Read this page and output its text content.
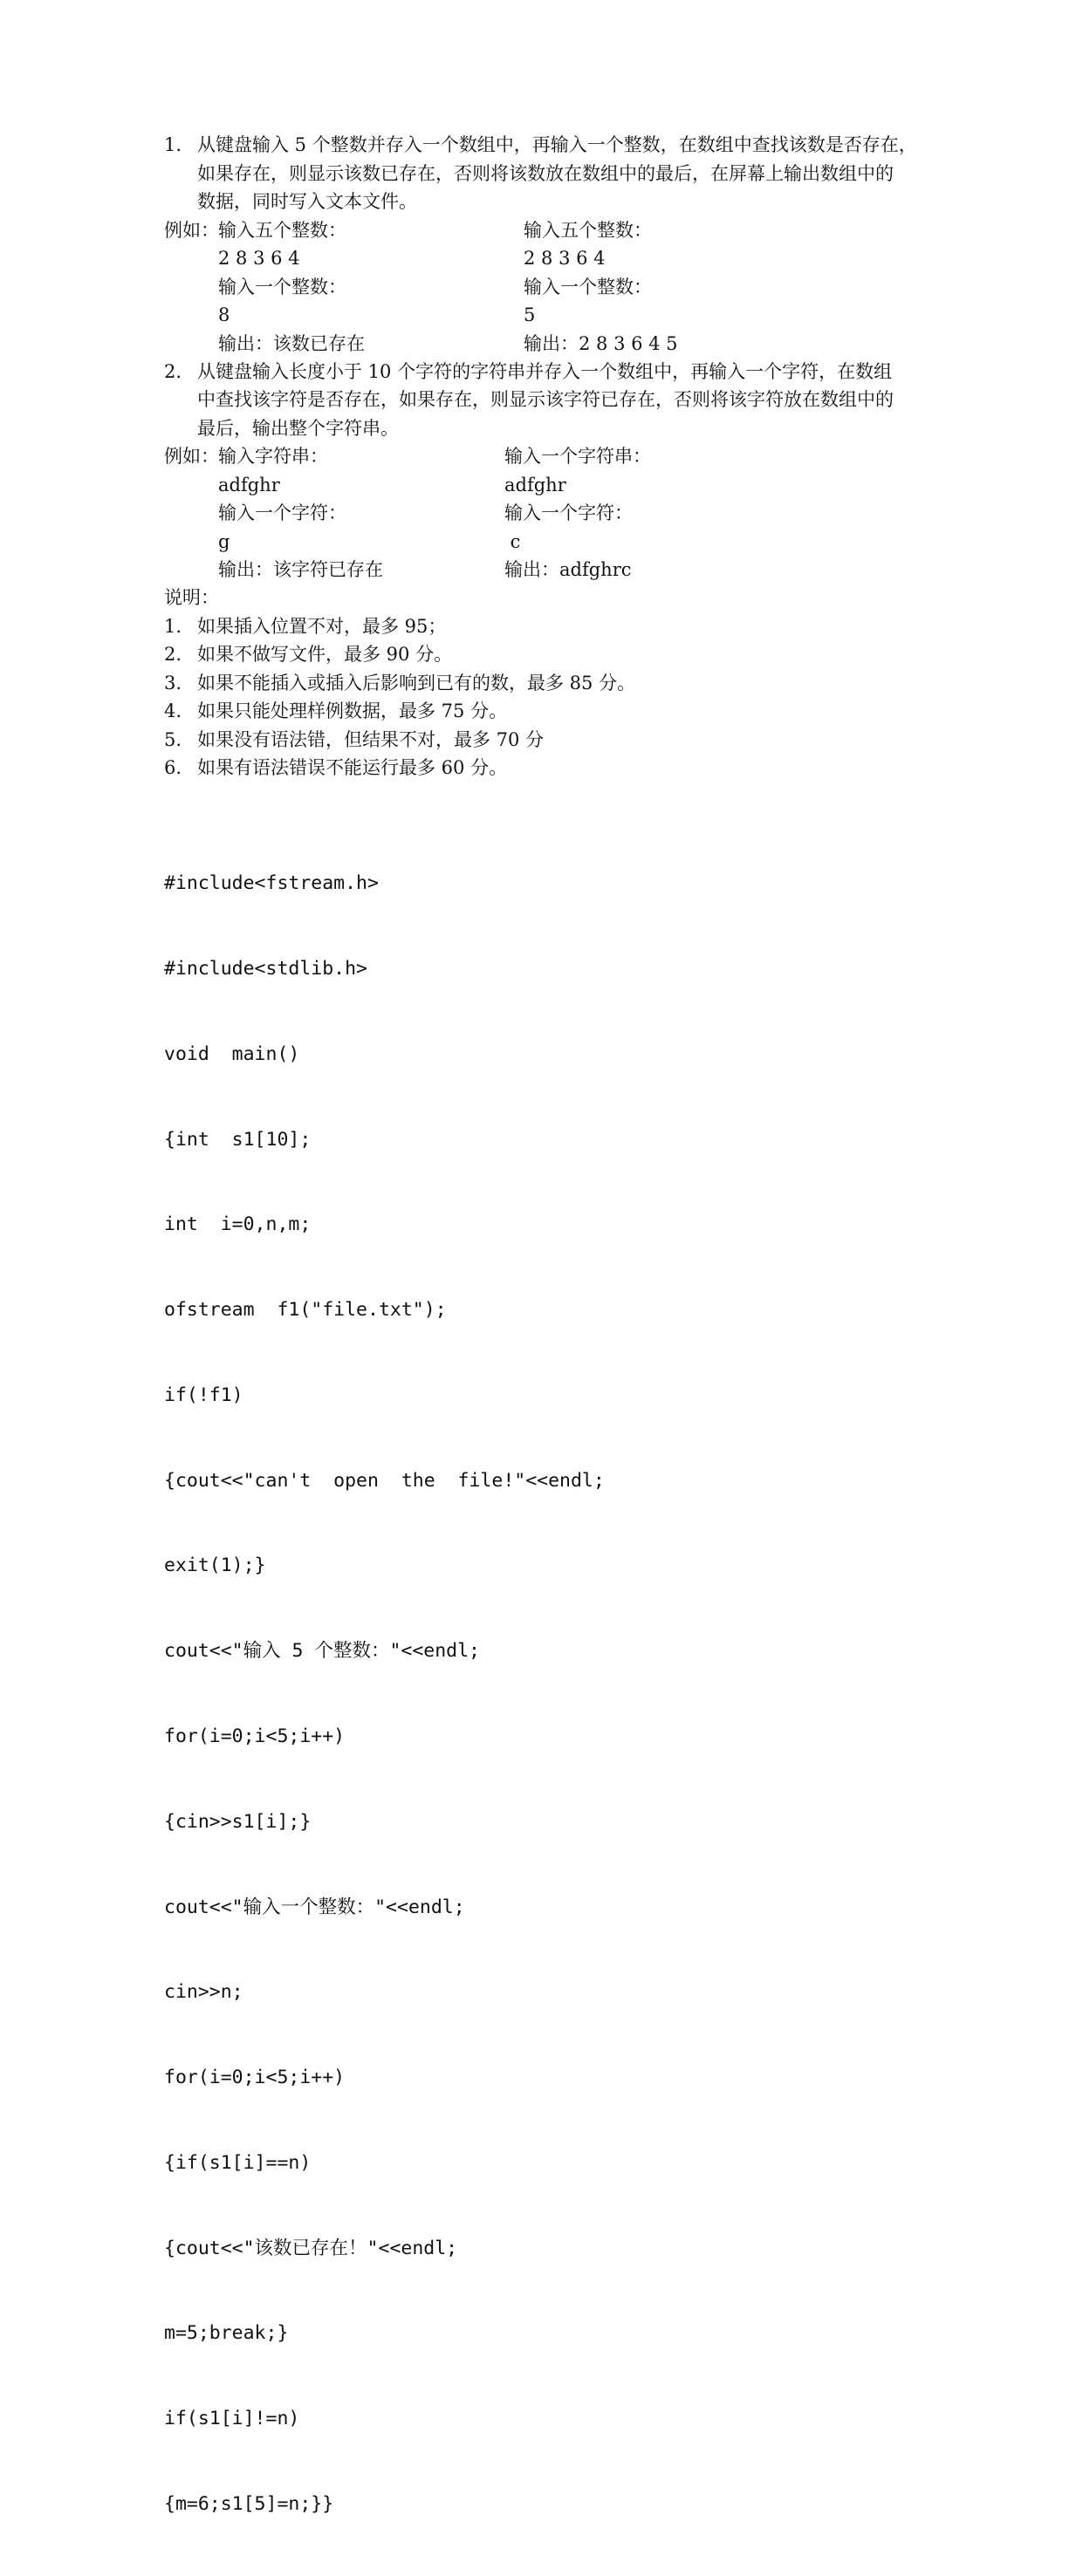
1. 从键盘输入 5 个整数并存入一个数组中，再输入一个整数，在数组中查找该数是否存在，
如果存在，则显示该数已存在，否则将该数放在数组中的最后，在屏幕上输出数组中的
数据，同时写入文本文件。
例如： 输入五个整数：
2 8 3 6 4
输入一个整数：
8
输出：该数已存在
输入五个整数：
2 8 3 6 4
输入一个整数：
5
输出：2 8 3 6 4 5
2. 从键盘输入长度小于 10 个字符的字符串并存入一个数组中，再输入一个字符，在数组
中查找该字符是否存在，如果存在，则显示该字符已存在，否则将该字符放在数组中的
最后，输出整个字符串。
例如： 输入字符串：
adfghr
输入一个字符：
g
输出：该字符已存在
输入一个字符串：
adfghr
输入一个字符：
c
输出：adfghrc
说明：
1. 如果插入位置不对，最多 95；
2. 如果不做写文件，最多 90 分。
3. 如果不能插入或插入后影响到已有的数，最多 85 分。
4. 如果只能处理样例数据，最多 75 分。
5. 如果没有语法错，但结果不对，最多 70 分
6. 如果有语法错误不能运行最多 60 分。

#include<fstream.h>

#include<stdlib.h>

void  main()

{int  s1[10];

int  i=0,n,m;

ofstream  f1("file.txt");

if(!f1)

{cout<<"can't  open  the  file!"<<endl;

exit(1);}

cout<<"输入 5 个整数："<<endl;

for(i=0;i<5;i++)

{cin>>s1[i];}

cout<<"输入一个整数："<<endl;

cin>>n;

for(i=0;i<5;i++)

{if(s1[i]==n)

{cout<<"该数已存在！"<<endl;

m=5;break;}

if(s1[i]!=n)

{m=6;s1[5]=n;}}
